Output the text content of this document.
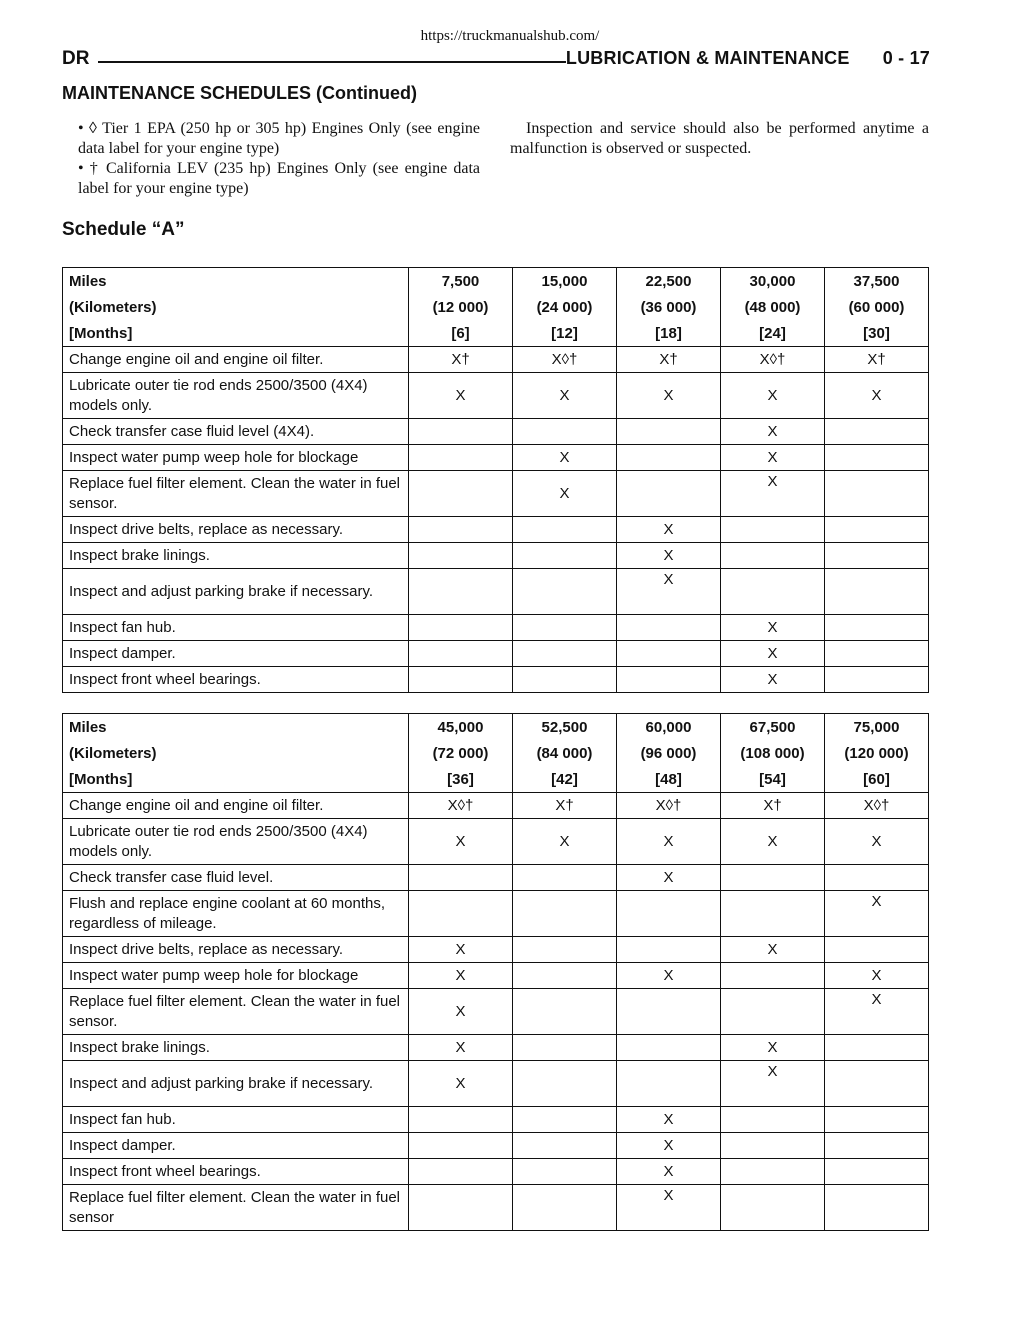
https://truckmanualshub.com/
DR	LUBRICATION & MAINTENANCE 0 - 17
MAINTENANCE SCHEDULES (Continued)

• ◊ Tier 1 EPA (250 hp or 305 hp) Engines Only (see engine data label for your engine type)

• † California LEV (235 hp) Engines Only (see engine data label for your engine type)

Inspection and service should also be performed anytime a malfunction is observed or suspected.
Schedule “A”
Miles	7,500	15,000	22,500	30,000	37,500
(Kilometers)	(12 000)	(24 000)	(36 000)	(48 000)	(60 000)
[Months]	[6]	[12]	[18]	[24]	[30]
Change engine oil and engine oil filter.	X†	X◊†	X†	X◊†	X†
Lubricate outer tie rod ends 2500/3500 (4X4) models only.	X	X	X	X	X
Check transfer case fluid level (4X4).				X	
Inspect water pump weep hole for blockage		X		X	
Replace fuel filter element. Clean the water in fuel sensor.		X		X	
Inspect drive belts, replace as necessary.			X		
Inspect brake linings.			X		
Inspect and adjust parking brake if necessary.			X		
Inspect fan hub.				X	
Inspect damper.				X	
Inspect front wheel bearings.				X	
Miles	45,000	52,500	60,000	67,500	75,000
(Kilometers)	(72 000)	(84 000)	(96 000)	(108 000)	(120 000)
[Months]	[36]	[42]	[48]	[54]	[60]
Change engine oil and engine oil filter.	X◊†	X†	X◊†	X†	X◊†
Lubricate outer tie rod ends 2500/3500 (4X4) models only.	X	X	X	X	X
Check transfer case fluid level.			X		
Flush and replace engine coolant at 60 months, regardless of mileage.					X
Inspect drive belts, replace as necessary.	X			X	
Inspect water pump weep hole for blockage	X		X		X
Replace fuel filter element. Clean the water in fuel sensor.	X				X
Inspect brake linings.	X			X	
Inspect and adjust parking brake if necessary.	X			X	
Inspect fan hub.			X		
Inspect damper.			X		
Inspect front wheel bearings.			X		
Replace fuel filter element. Clean the water in fuel sensor			X		
